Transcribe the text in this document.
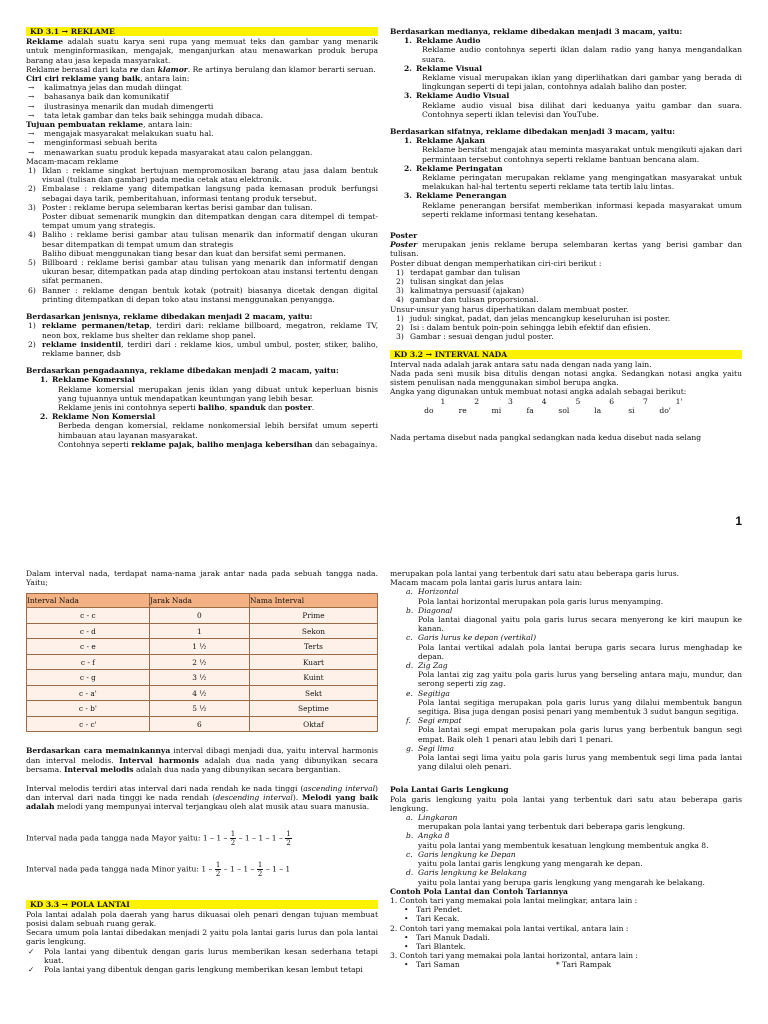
KD 3.1 → REKLAME

Reklame adalah suatu karya seni rupa yang memuat teks dan gambar yang menarik untuk menginformasikan, mengajak, menganjurkan atau menawarkan produk berupa barang atau jasa kepada masyarakat.

Reklame berasal dari kata re dan klamor. Re artinya berulang dan klamor berarti seruan.

Ciri ciri reklame yang baik, antara lain:

→ kalimatnya jelas dan mudah diingat
→ bahasanya baik dan komunikatif
→ ilustrasinya menarik dan mudah dimengerti
→ tata letak gambar dan teks baik sehingga mudah dibaca.

Tujuan pembuatan reklame, antara lain:

→ mengajak masyarakat melakukan suatu hal.
→ menginformasi sebuah berita
→ menawarkan suatu produk kepada masyarakat atau calon pelanggan.

Macam-macam reklame

1) Iklan : reklame singkat bertujuan mempromosikan barang atau jasa dalam bentuk visual (tulisan dan gambar) pada media cetak atau elektronik.
2) Embalase : reklame yang ditempatkan langsung pada kemasan produk berfungsi sebagai daya tarik, pemberitahuan, informasi tentang produk tersebut.
3) Poster : reklame berupa selembaran kertas berisi gambar dan tulisan.
Poster dibuat semenarik mungkin dan ditempatkan dengan cara ditempel di tempat-tempat umum yang strategis.
4) Baliho : reklame berisi gambar atau tulisan menarik dan informatif dengan ukuran besar ditempatkan di tempat umum dan strategis
Baliho dibuat menggunakan tiang besar dan kuat dan bersifat semi permanen.
5) Billboard : reklame berisi gambar atau tulisan yang menarik dan informatif dengan ukuran besar, ditempatkan pada atap dinding pertokoan atau instansi tertentu dengan sifat permanen.
6) Banner : reklame dengan bentuk kotak (potrait) biasanya dicetak dengan digital printing ditempatkan di depan toko atau instansi menggunakan penyangga.

Berdasarkan jenisnya, reklame dibedakan menjadi 2 macam, yaitu:

1) reklame permanen/tetap, terdiri dari: reklame billboard, megatron, reklame TV, neon box, reklame bus shelter dan reklame shop panel.
2) reklame insidentil, terdiri dari : reklame kios, umbul umbul, poster, stiker, baliho, reklame banner, dsb

Berdasarkan pengadaannya, reklame dibedakan menjadi 2 macam, yaitu:

1. Reklame Komersial
Reklame komersial merupakan jenis iklan yang dibuat untuk keperluan bisnis yang tujuannya untuk mendapatkan keuntungan yang lebih besar.
Reklame jenis ini contohnya seperti baliho, spanduk dan poster.
2. Reklame Non Komersial
Berbeda dengan komersial, reklame nonkomersial lebih bersifat umum seperti himbauan atau layanan masyarakat.
Contohnya seperti reklame pajak, baliho menjaga kebersihan dan sebagainya.

Berdasarkan medianya, reklame dibedakan menjadi 3 macam, yaitu:

1. Reklame Audio
Reklame audio contohnya seperti iklan dalam radio yang hanya mengandalkan suara.
2. Reklame Visual
Reklame visual merupakan iklan yang diperlihatkan dari gambar yang berada di lingkungan seperti di tepi jalan, contohnya adalah baliho dan poster.
3. Reklame Audio Visual
Reklame audio visual bisa dilihat dari keduanya yaitu gambar dan suara. Contohnya seperti iklan televisi dan YouTube.

Berdasarkan sifatnya, reklame dibedakan menjadi 3 macam, yaitu:

1. Reklame Ajakan
Reklame bersifat mengajak atau meminta masyarakat untuk mengikuti ajakan dari permintaan tersebut contohnya seperti reklame bantuan bencana alam.
2. Reklame Peringatan
Reklame peringatan merupakan reklame yang mengingatkan masyarakat untuk melakukan hal-hal tertentu seperti reklame tata tertib lalu lintas.
3. Reklame Penerangan
Reklame penerangan bersifat memberikan informasi kepada masyarakat umum seperti reklame informasi tentang kesehatan.

Poster

Poster merupakan jenis reklame berupa selembaran kertas yang berisi gambar dan tulisan.

Poster dibuat dengan memperhatikan ciri-ciri berikut :

1) terdapat gambar dan tulisan
2) tulisan singkat dan jelas
3) kalimatnya persuasif (ajakan)
4) gambar dan tulisan proporsional.

Unsur-unsur yang harus diperhatikan dalam membuat poster.

1) judul: singkat, padat, dan jelas mencangkup keseluruhan isi poster.
2) Isi : dalam bentuk poin-poin sehingga lebih efektif dan efisien.
3) Gambar : sesuai dengan judul poster.
KD 3.2 → INTERVAL NADA

Interval nada adalah jarak antara satu nada dengan nada yang lain.

Nada pada seni musik bisa ditulis dengan notasi angka. Sedangkan notasi angka yaitu sistem penulisan nada menggunakan simbol berupa angka.

Angka yang digunakan untuk membuat notasi angka adalah sebagai berikut:

1	2	3	4	5	6	7	1'
do	re	mi	fa	sol	la	si	do'

Nada pertama disebut nada pangkal sedangkan nada kedua disebut nada selang

1

Dalam interval nada, terdapat nama-nama jarak antar nada pada sebuah tangga nada. Yaitu;

Interval Nada	Jarak Nada	Nama Interval
c - c	0	Prime
c - d	1	Sekon
c - e	1 ½	Terts
c - f	2 ½	Kuart
c - g	3 ½	Kuint
c - a'	4 ½	Sekt
c - b'	5 ½	Septime
c - c'	6	Oktaf

Berdasarkan cara memainkannya interval dibagi menjadi dua, yaitu interval harmonis dan interval melodis. Interval harmonis adalah dua nada yang dibunyikan secara bersama. Interval melodis adalah dua nada yang dibunyikan secara bergantian.

Interval melodis terdiri atas interval dari nada rendah ke nada tinggi (ascending interval) dan interval dari nada tinggi ke nada rendah (descending interval). Melodi yang baik adalah melodi yang mempunyai interval terjangkau oleh alat musik atau suara manusia.

Interval nada pada tangga nada Mayor yaitu: $1 - 1 - \frac{1}{2} - 1 - 1 - 1 - \frac{1}{2}$
Interval nada pada tangga nada Minor yaitu: $1 - \frac{1}{2} - 1 - 1 - \frac{1}{2} - 1 - 1$
KD 3.3 → POLA LANTAI

Pola lantai adalah pola daerah yang harus dikuasai oleh penari dengan tujuan membuat posisi dalam sebuah ruang gerak.

Secara umum pola lantai dibedakan menjadi 2 yaitu pola lantai garis lurus dan pola lantai garis lengkung.

✓ Pola lantai yang dibentuk dengan garis lurus memberikan kesan sederhana tetapi kuat.
✓ Pola lantai yang dibentuk dengan garis lengkung memberikan kesan lembut tetapi

merupakan pola lantai yang terbentuk dari satu atau beberapa garis lurus.

Macam macam pola lantai garis lurus antara lain:

a. Horizontal
Pola lantai horizontal merupakan pola garis lurus menyamping.
b. Diagonal
Pola lantai diagonal yaitu pola garis lurus secara menyerong ke kiri maupun ke kanan.
c. Garis lurus ke depan (vertikal)
Pola lantai vertikal adalah pola lantai berupa garis secara lurus menghadap ke depan.
d. Zig Zag
Pola lantai zig zag yaitu pola garis lurus yang berseling antara maju, mundur, dan serong seperti zig zag.
e. Segitiga
Pola lantai segitiga merupakan pola garis lurus yang dilalui membentuk bangun segitiga. Bisa juga dengan posisi penari yang membentuk 3 sudut bangun segitiga.
f. Segi empat
Pola lantai segi empat merupakan pola garis lurus yang berbentuk bangun segi empat. Baik oleh 1 penari atau lebih dari 1 penari.
g. Segi lima
Pola lantai segi lima yaitu pola garis lurus yang membentuk segi lima pada lantai yang dilalui oleh penari.

Pola Lantai Garis Lengkung

Pola garis lengkung yaitu pola lantai yang terbentuk dari satu atau beberapa garis lengkung.

a. Lingkaran
merupakan pola lantai yang terbentuk dari beberapa garis lengkung.
b. Angka 8
yaitu pola lantai yang membentuk kesatuan lengkung membentuk angka 8.
c. Garis lengkung ke Depan
yaitu pola lantai garis lengkung yang mengarah ke depan.
d. Garis lengkung ke Belakang
yaitu pola lantai yang berupa garis lengkung yang mengarah ke belakang.

Contoh Pola Lantai dan Contoh Tariannya

1. Contoh tari yang memakai pola lantai melingkar, antara lain :

• Tari Pendet.
• Tari Kecak.

2. Contoh tari yang memakai pola lantai vertikal, antara lain :

• Tari Manuk Dadali.
• Tari Blantek.

3. Contoh tari yang memakai pola lantai horizontal, antara lain :

• Tari Saman	* Tari Rampak
